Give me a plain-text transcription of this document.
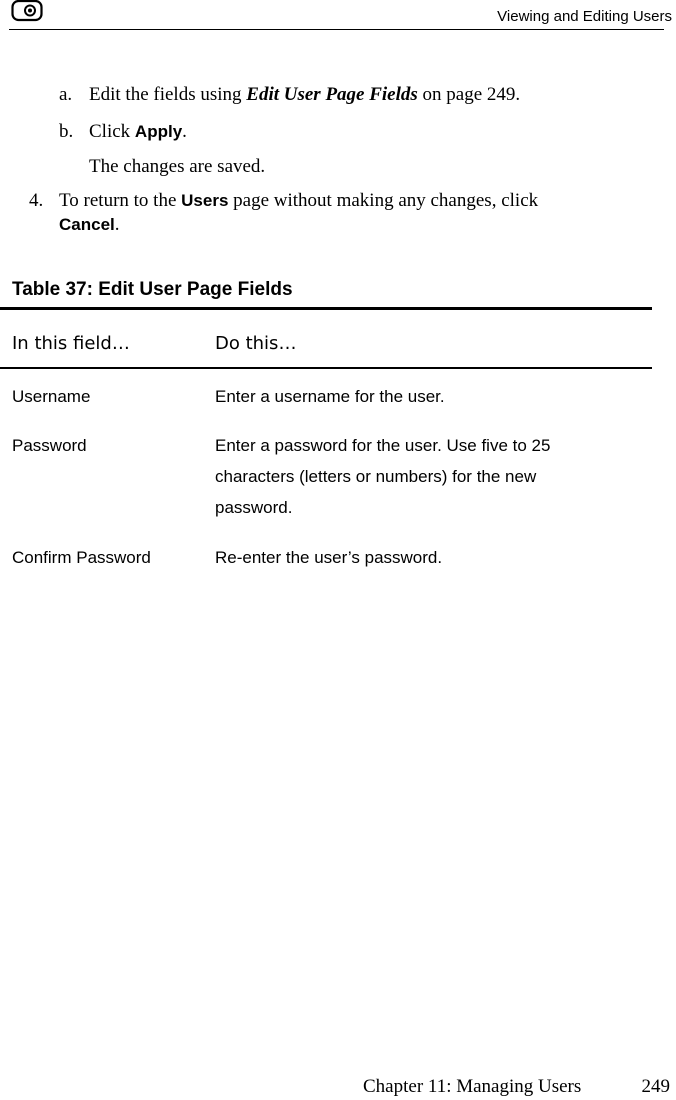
Viewing and Editing Users
a. Edit the fields using Edit User Page Fields on page 249.
b. Click Apply.
The changes are saved.
4. To return to the Users page without making any changes, click
Cancel.
Table 37: Edit User Page Fields
In this field…	Do this…
Username	Enter a username for the user.
Password	Enter a password for the user. Use five to 25 characters (letters or numbers) for the new password.
Confirm Password	Re-enter the user’s password.
Chapter 11: Managing Users	249
